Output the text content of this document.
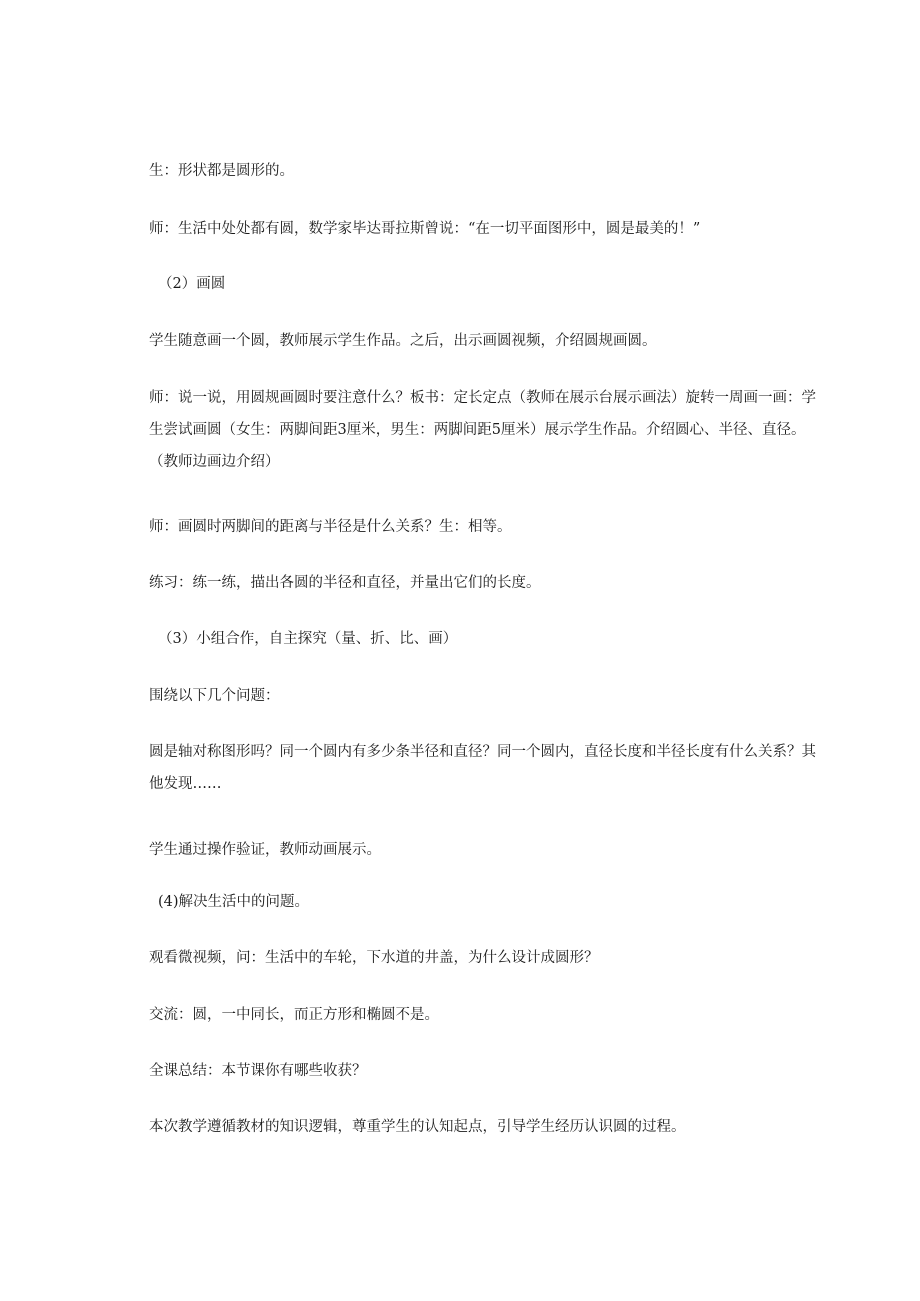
生：形状都是圆形的。

师：生活中处处都有圆，数学家毕达哥拉斯曾说：“在一切平面图形中，圆是最美的！”

（2）画圆

学生随意画一个圆，教师展示学生作品。之后，出示画圆视频，介绍圆规画圆。

师：说一说，用圆规画圆时要注意什么？板书：定长定点（教师在展示台展示画法）旋转一周画一画：学生尝试画圆（女生：两脚间距3厘米，男生：两脚间距5厘米）展示学生作品。介绍圆心、半径、直径。（教师边画边介绍）

师：画圆时两脚间的距离与半径是什么关系？生：相等。

练习：练一练，描出各圆的半径和直径，并量出它们的长度。

（3）小组合作，自主探究（量、折、比、画）

围绕以下几个问题：

圆是轴对称图形吗？同一个圆内有多少条半径和直径？同一个圆内，直径长度和半径长度有什么关系？其他发现……

学生通过操作验证，教师动画展示。

(4)解决生活中的问题。

观看微视频，问：生活中的车轮，下水道的井盖，为什么设计成圆形？

交流：圆，一中同长，而正方形和椭圆不是。

全课总结：本节课你有哪些收获？

本次教学遵循教材的知识逻辑，尊重学生的认知起点，引导学生经历认识圆的过程。
